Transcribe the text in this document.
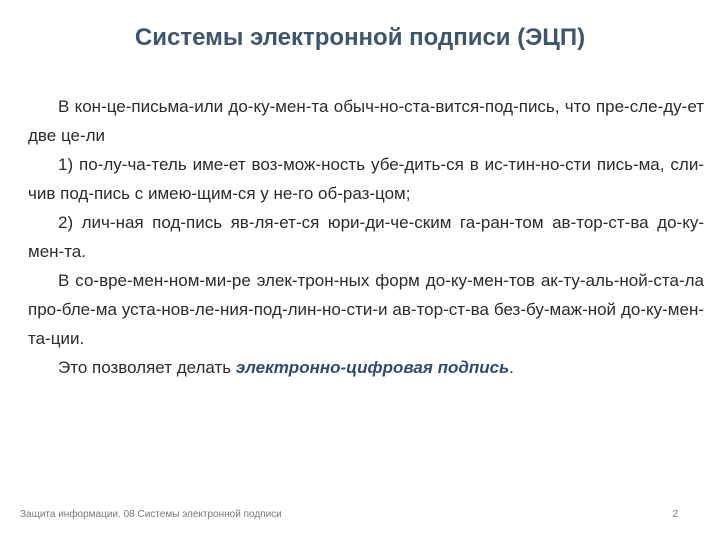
Системы электронной подписи (ЭЦП)

В кон-це-письма-или до-ку-мен-та обыч-но-ста-вится-под-пись, что пре-сле-ду-ет две це-ли

1) по-лу-ча-тель име-ет воз-мож-ность убе-дить-ся в ис-тин-но-сти пись-ма, сли-чив под-пись с имею-щим-ся у не-го об-раз-цом;

2) лич-ная под-пись яв-ля-ет-ся юри-ди-че-ским га-ран-том ав-тор-ст-ва до-ку-мен-та.

В со-вре-мен-ном-ми-ре элек-трон-ных форм до-ку-мен-тов ак-ту-аль-ной-ста-ла про-бле-ма уста-нов-ле-ния-под-лин-но-сти-и ав-тор-ст-ва без-бу-маж-ной до-ку-мен-та-ции.

Это позволяет делать электронно-цифровая подпись.

Защита информации. 08 Системы электронной подписи	2
